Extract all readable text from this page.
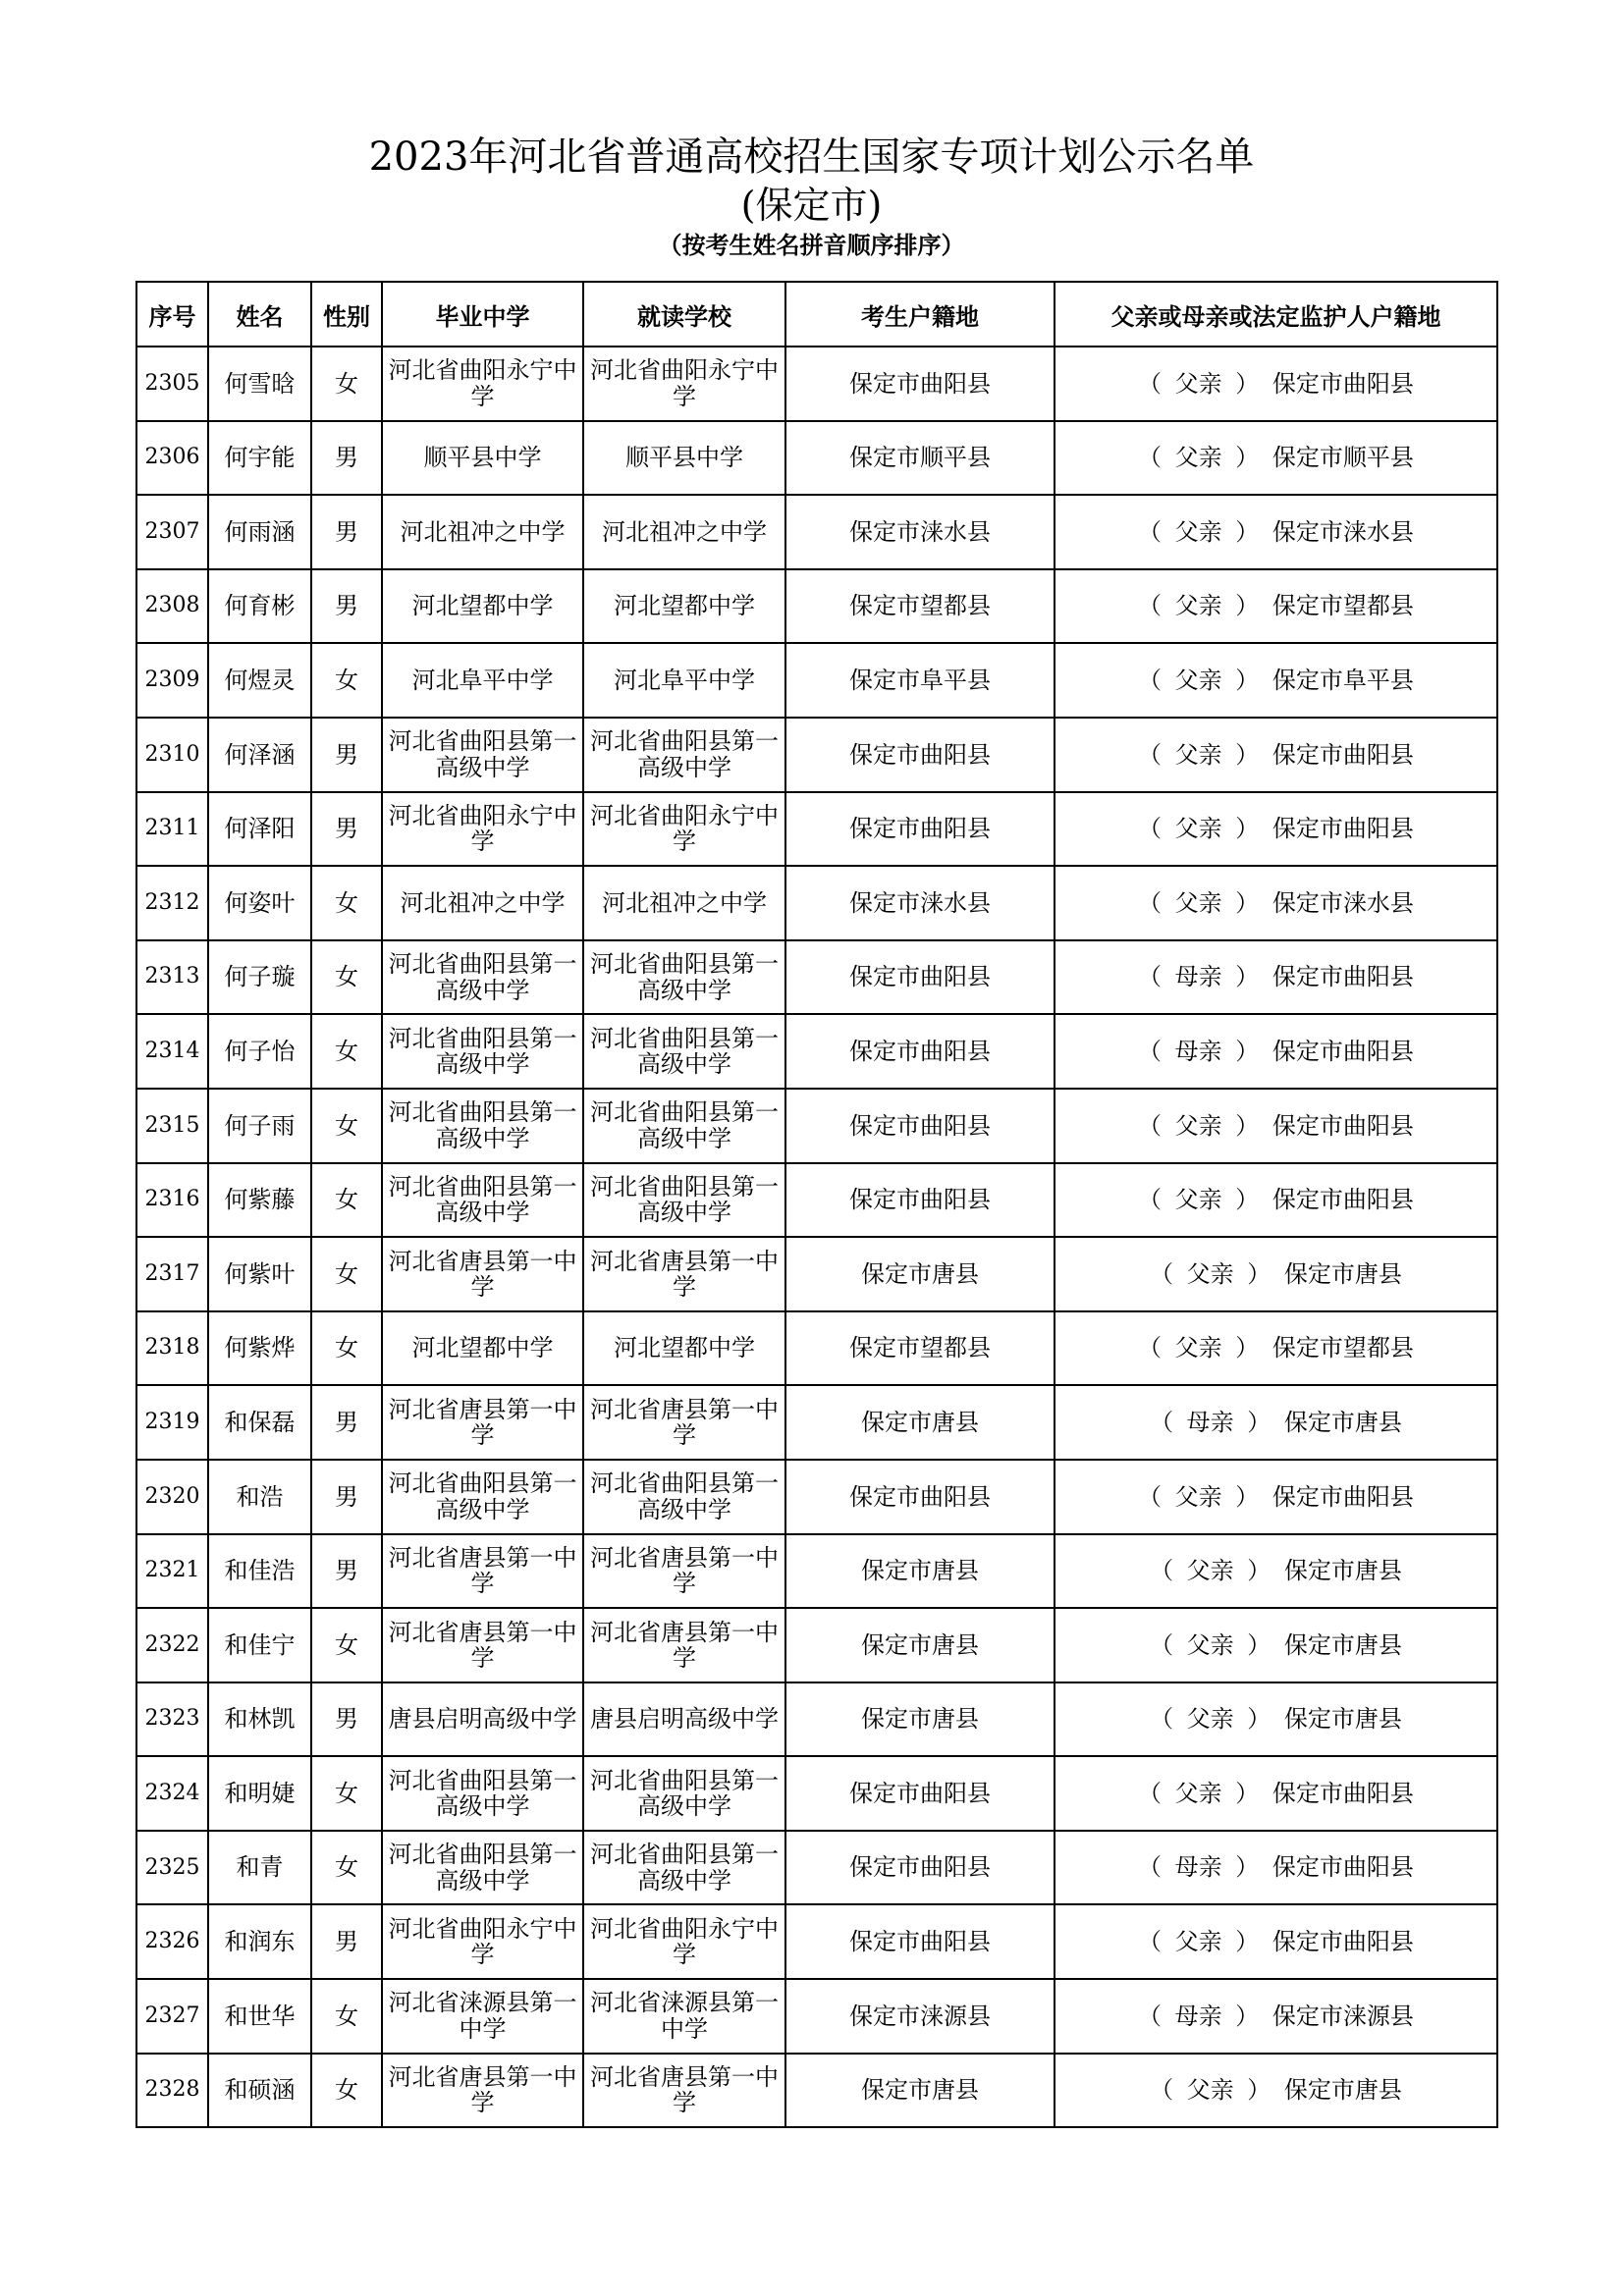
2023年河北省普通高校招生国家专项计划公示名单
(保定市)
（按考生姓名拼音顺序排序）
序号	姓名	性别	毕业中学	就读学校	考生户籍地	父亲或母亲或法定监护人户籍地
2305	何雪晗	女	河北省曲阳永宁中学	河北省曲阳永宁中学	保定市曲阳县	（ 父亲 ） 保定市曲阳县
2306	何宇能	男	顺平县中学	顺平县中学	保定市顺平县	（ 父亲 ） 保定市顺平县
2307	何雨涵	男	河北祖冲之中学	河北祖冲之中学	保定市涞水县	（ 父亲 ） 保定市涞水县
2308	何育彬	男	河北望都中学	河北望都中学	保定市望都县	（ 父亲 ） 保定市望都县
2309	何煜灵	女	河北阜平中学	河北阜平中学	保定市阜平县	（ 父亲 ） 保定市阜平县
2310	何泽涵	男	河北省曲阳县第一高级中学	河北省曲阳县第一高级中学	保定市曲阳县	（ 父亲 ） 保定市曲阳县
2311	何泽阳	男	河北省曲阳永宁中学	河北省曲阳永宁中学	保定市曲阳县	（ 父亲 ） 保定市曲阳县
2312	何姿叶	女	河北祖冲之中学	河北祖冲之中学	保定市涞水县	（ 父亲 ） 保定市涞水县
2313	何子璇	女	河北省曲阳县第一高级中学	河北省曲阳县第一高级中学	保定市曲阳县	（ 母亲 ） 保定市曲阳县
2314	何子怡	女	河北省曲阳县第一高级中学	河北省曲阳县第一高级中学	保定市曲阳县	（ 母亲 ） 保定市曲阳县
2315	何子雨	女	河北省曲阳县第一高级中学	河北省曲阳县第一高级中学	保定市曲阳县	（ 父亲 ） 保定市曲阳县
2316	何紫藤	女	河北省曲阳县第一高级中学	河北省曲阳县第一高级中学	保定市曲阳县	（ 父亲 ） 保定市曲阳县
2317	何紫叶	女	河北省唐县第一中学	河北省唐县第一中学	保定市唐县	（ 父亲 ） 保定市唐县
2318	何紫烨	女	河北望都中学	河北望都中学	保定市望都县	（ 父亲 ） 保定市望都县
2319	和保磊	男	河北省唐县第一中学	河北省唐县第一中学	保定市唐县	（ 母亲 ） 保定市唐县
2320	和浩	男	河北省曲阳县第一高级中学	河北省曲阳县第一高级中学	保定市曲阳县	（ 父亲 ） 保定市曲阳县
2321	和佳浩	男	河北省唐县第一中学	河北省唐县第一中学	保定市唐县	（ 父亲 ） 保定市唐县
2322	和佳宁	女	河北省唐县第一中学	河北省唐县第一中学	保定市唐县	（ 父亲 ） 保定市唐县
2323	和林凯	男	唐县启明高级中学	唐县启明高级中学	保定市唐县	（ 父亲 ） 保定市唐县
2324	和明婕	女	河北省曲阳县第一高级中学	河北省曲阳县第一高级中学	保定市曲阳县	（ 父亲 ） 保定市曲阳县
2325	和青	女	河北省曲阳县第一高级中学	河北省曲阳县第一高级中学	保定市曲阳县	（ 母亲 ） 保定市曲阳县
2326	和润东	男	河北省曲阳永宁中学	河北省曲阳永宁中学	保定市曲阳县	（ 父亲 ） 保定市曲阳县
2327	和世华	女	河北省涞源县第一中学	河北省涞源县第一中学	保定市涞源县	（ 母亲 ） 保定市涞源县
2328	和硕涵	女	河北省唐县第一中学	河北省唐县第一中学	保定市唐县	（ 父亲 ） 保定市唐县
